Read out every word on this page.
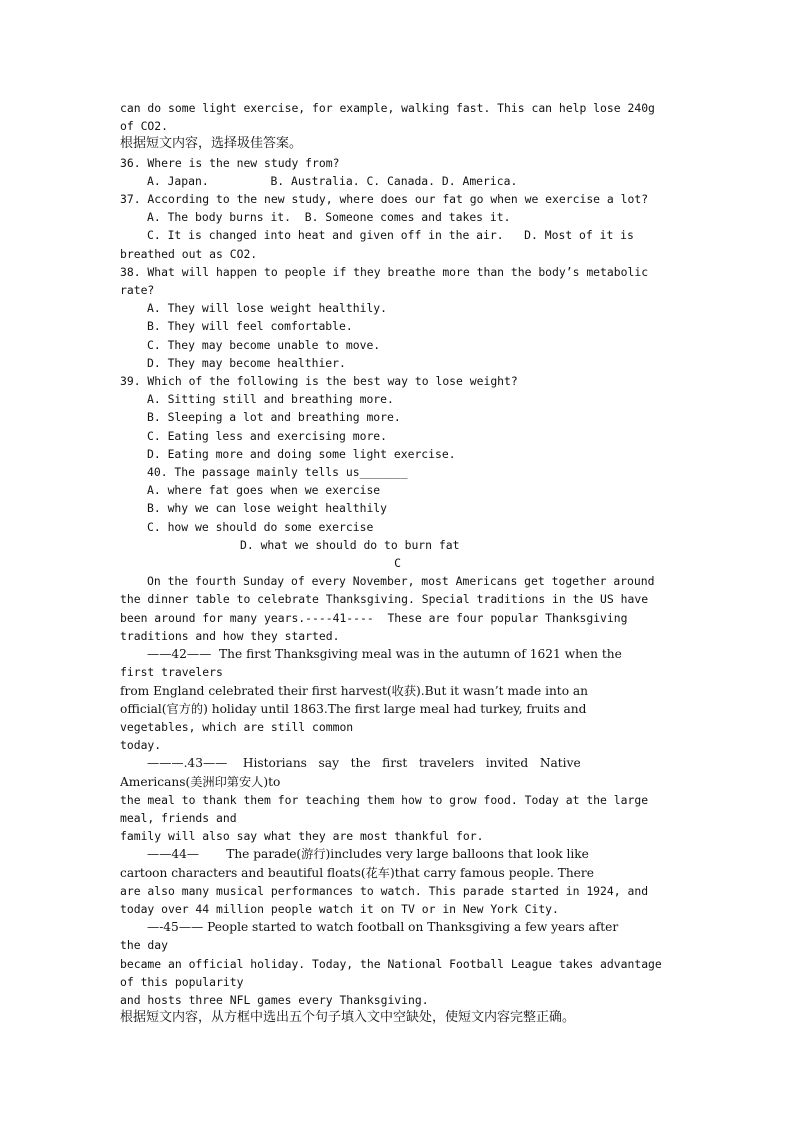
can do some light exercise, for example, walking fast. This can help lose 240g
of CO2.
根据短文内容，选择圾佳答案。
36. Where is the new study from?
A. Japan.         B. Australia. C. Canada. D. America.
37. According to the new study, where does our fat go when we exercise a lot?
A. The body burns it.  B. Someone comes and takes it.
C. It is changed into heat and given off in the air.   D. Most of it is
breathed out as CO2.
38. What will happen to people if they breathe more than the body’s metabolic
rate?
A. They will lose weight healthily.
B. They will feel comfortable.
C. They may become unable to move.
D. They may become healthier.
39. Which of the following is the best way to lose weight?
A. Sitting still and breathing more.
B. Sleeping a lot and breathing more.
C. Eating less and exercising more.
D. Eating more and doing some light exercise.
40. The passage mainly tells us_______
A. where fat goes when we exercise
B. why we can lose weight healthily
C. how we should do some exercise
D. what we should do to burn fat
C
On the fourth Sunday of every November, most Americans get together around
the dinner table to celebrate Thanksgiving. Special traditions in the US have
been around for many years.----41----  These are four popular Thanksgiving
traditions and how they started.
——42——  The first Thanksgiving meal was in the autumn of 1621 when the
first travelers
from England celebrated their first harvest(收获).But it wasn’t made into an
official(官方的) holiday until 1863.The first large meal had turkey, fruits and
vegetables, which are still common
today.
———.43——    Historians   say   the   first   travelers   invited   Native
Americans(美洲印第安人)to
the meal to thank them for teaching them how to grow food. Today at the large
meal, friends and
family will also say what they are most thankful for.
——44—       The parade(游行)includes very large balloons that look like
cartoon characters and beautiful floats(花车)that carry famous people. There
are also many musical performances to watch. This parade started in 1924, and
today over 44 million people watch it on TV or in New York City.
—-45—— People started to watch football on Thanksgiving a few years after
the day
became an official holiday. Today, the National Football League takes advantage
of this popularity
and hosts three NFL games every Thanksgiving.
根据短文内容，从方框中选出五个句子填入文中空缺处，使短文内容完整正确。
